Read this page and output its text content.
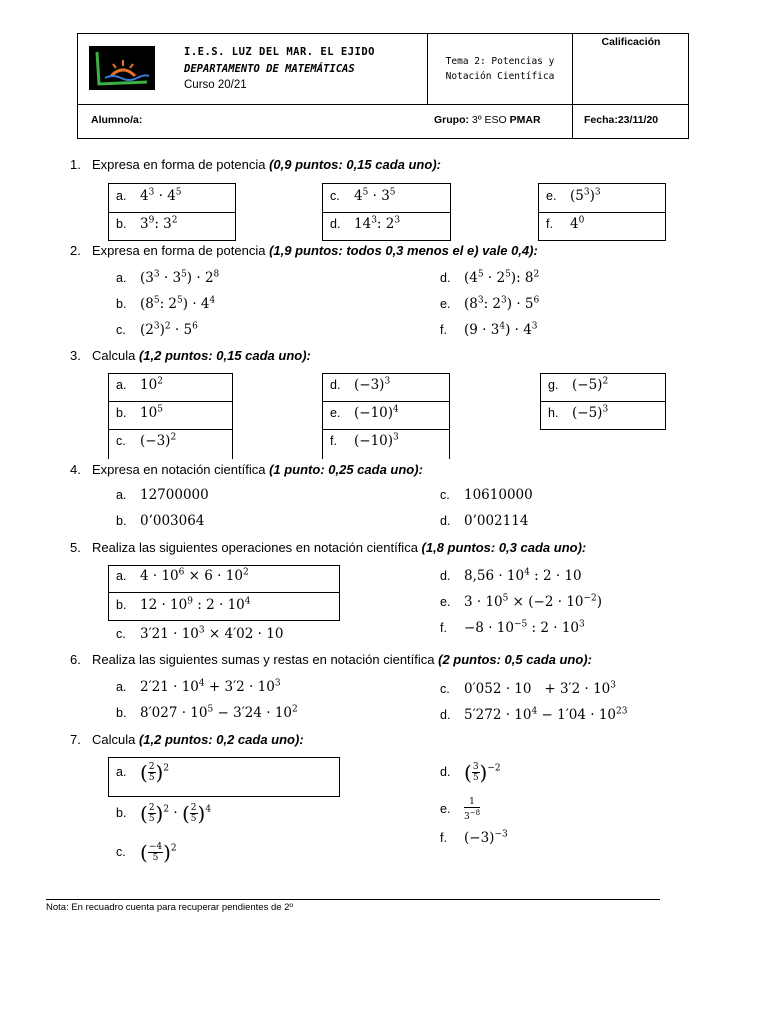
I.E.S. LUZ DEL MAR. EL EJIDO
DEPARTAMENTO DE MATEMÁTICAS
Curso 20/21
Tema 2: Potencias y
Notación Científica
Calificación
Alumno/a:	Grupo: 3º ESO PMAR	Fecha:23/11/20
1. Expresa en forma de potencia (0,9 puntos: 0,15 cada uno):
a. $4^3 \cdot 4^5$
b. $3^9$: $3^2$
c. $4^5 \cdot 3^5$
d. $14^3$: $2^3$
e. $(5^3)^3$
f. $4^0$
2. Expresa en forma de potencia (1,9 puntos: todos 0,3 menos el e) vale 0,4):
a. $(3^3 \cdot 3^5) \cdot 2^8$
b. ($8^5$: $2^5) \cdot 4^4$
c. $(2^3)^2 \cdot 5^6$
d. $(4^5 \cdot 2^5)$: $8^2$
e. ($8^3$: $2^3) \cdot 5^6$
f. $(9 \cdot 3^4) \cdot 4^3$
3. Calcula (1,2 puntos: 0,15 cada uno):
a. $10^2$
b. $10^5$
c. $(-3)^2$
d. $(-3)^3$
e. $(-10)^4$
f. $(-10)^3$
g. $(-5)^2$
h. $(-5)^3$
4. Expresa en notación científica (1 punto: 0,25 cada uno):
a. 12700000
b. 0’003064
c. 10610000
d. 0’002114
5. Realiza las siguientes operaciones en notación científica (1,8 puntos: 0,3 cada uno):
a. $4 \cdot 10^6 \times 6 \cdot 10^2$
b. $12 \cdot 10^9$ : $2 \cdot 10^4$
c. $3'21 \cdot 10^3 \times 4'02 \cdot 10$
d. $8,56 \cdot 10^4$ : 2 · 10
e. $3 \cdot 10^5 \times (-2 \cdot 10^{-2})$
f. $-8 \cdot 10^{-5}$ : $2 \cdot 10^3$
6. Realiza las siguientes sumas y restas en notación científica (2 puntos: 0,5 cada uno):
a. $2'21 \cdot 10^4 + 3'2 \cdot 10^3$
b. $8'027 \cdot 10^5 - 3'24 \cdot 10^2$
c. $0'052 \cdot 10 + 3'2 \cdot 10^3$
d. $5'272 \cdot 10^4 - 1'04 \cdot 10^{23}$
7. Calcula (1,2 puntos: 0,2 cada uno):
a. ( $\frac{2}{5} )^2$
b. ( $\frac{2}{5} )^2$ · ( $\frac{2}{5} )^4$
c. ( $\frac{-4}{5} )^2$
d. ( $\frac{3}{5} )^{-2}$
e. $\frac{1}{3^{-8}}$
f. $(-3)^{-3}$
Nota: En recuadro cuenta para recuperar pendientes de 2º
